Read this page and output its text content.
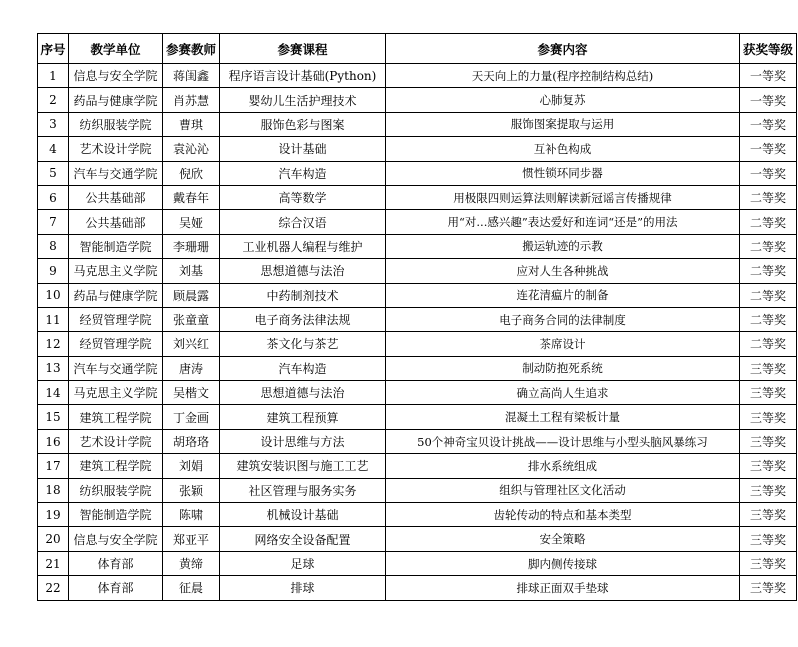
序号	教学单位	参赛教师	参赛课程	参赛内容	获奖等级
1	信息与安全学院	蒋闺鑫	程序语言设计基础(Python)	天天向上的力量(程序控制结构总结)	一等奖
2	药品与健康学院	肖苏慧	婴幼儿生活护理技术	心肺复苏	一等奖
3	纺织服装学院	曹琪	服饰色彩与图案	服饰图案提取与运用	一等奖
4	艺术设计学院	袁沁沁	设计基础	互补色构成	一等奖
5	汽车与交通学院	倪欣	汽车构造	惯性锁环同步器	一等奖
6	公共基础部	戴春年	高等数学	用极限四则运算法则解读新冠谣言传播规律	二等奖
7	公共基础部	吴娅	综合汉语	用“对...感兴趣”表达爱好和连词“还是”的用法	二等奖
8	智能制造学院	李珊珊	工业机器人编程与维护	搬运轨迹的示教	二等奖
9	马克思主义学院	刘基	思想道德与法治	应对人生各种挑战	二等奖
10	药品与健康学院	顾晨露	中药制剂技术	连花清瘟片的制备	二等奖
11	经贸管理学院	张童童	电子商务法律法规	电子商务合同的法律制度	二等奖
12	经贸管理学院	刘兴红	茶文化与茶艺	茶席设计	二等奖
13	汽车与交通学院	唐涛	汽车构造	制动防抱死系统	三等奖
14	马克思主义学院	吴楷文	思想道德与法治	确立高尚人生追求	三等奖
15	建筑工程学院	丁金画	建筑工程预算	混凝土工程有梁板计量	三等奖
16	艺术设计学院	胡珞珞	设计思维与方法	50个神奇宝贝设计挑战——设计思维与小型头脑风暴练习	三等奖
17	建筑工程学院	刘娟	建筑安装识图与施工工艺	排水系统组成	三等奖
18	纺织服装学院	张颖	社区管理与服务实务	组织与管理社区文化活动	三等奖
19	智能制造学院	陈啸	机械设计基础	齿轮传动的特点和基本类型	三等奖
20	信息与安全学院	郑亚平	网络安全设备配置	安全策略	三等奖
21	体育部	黄缔	足球	脚内侧传接球	三等奖
22	体育部	征晨	排球	排球正面双手垫球	三等奖
